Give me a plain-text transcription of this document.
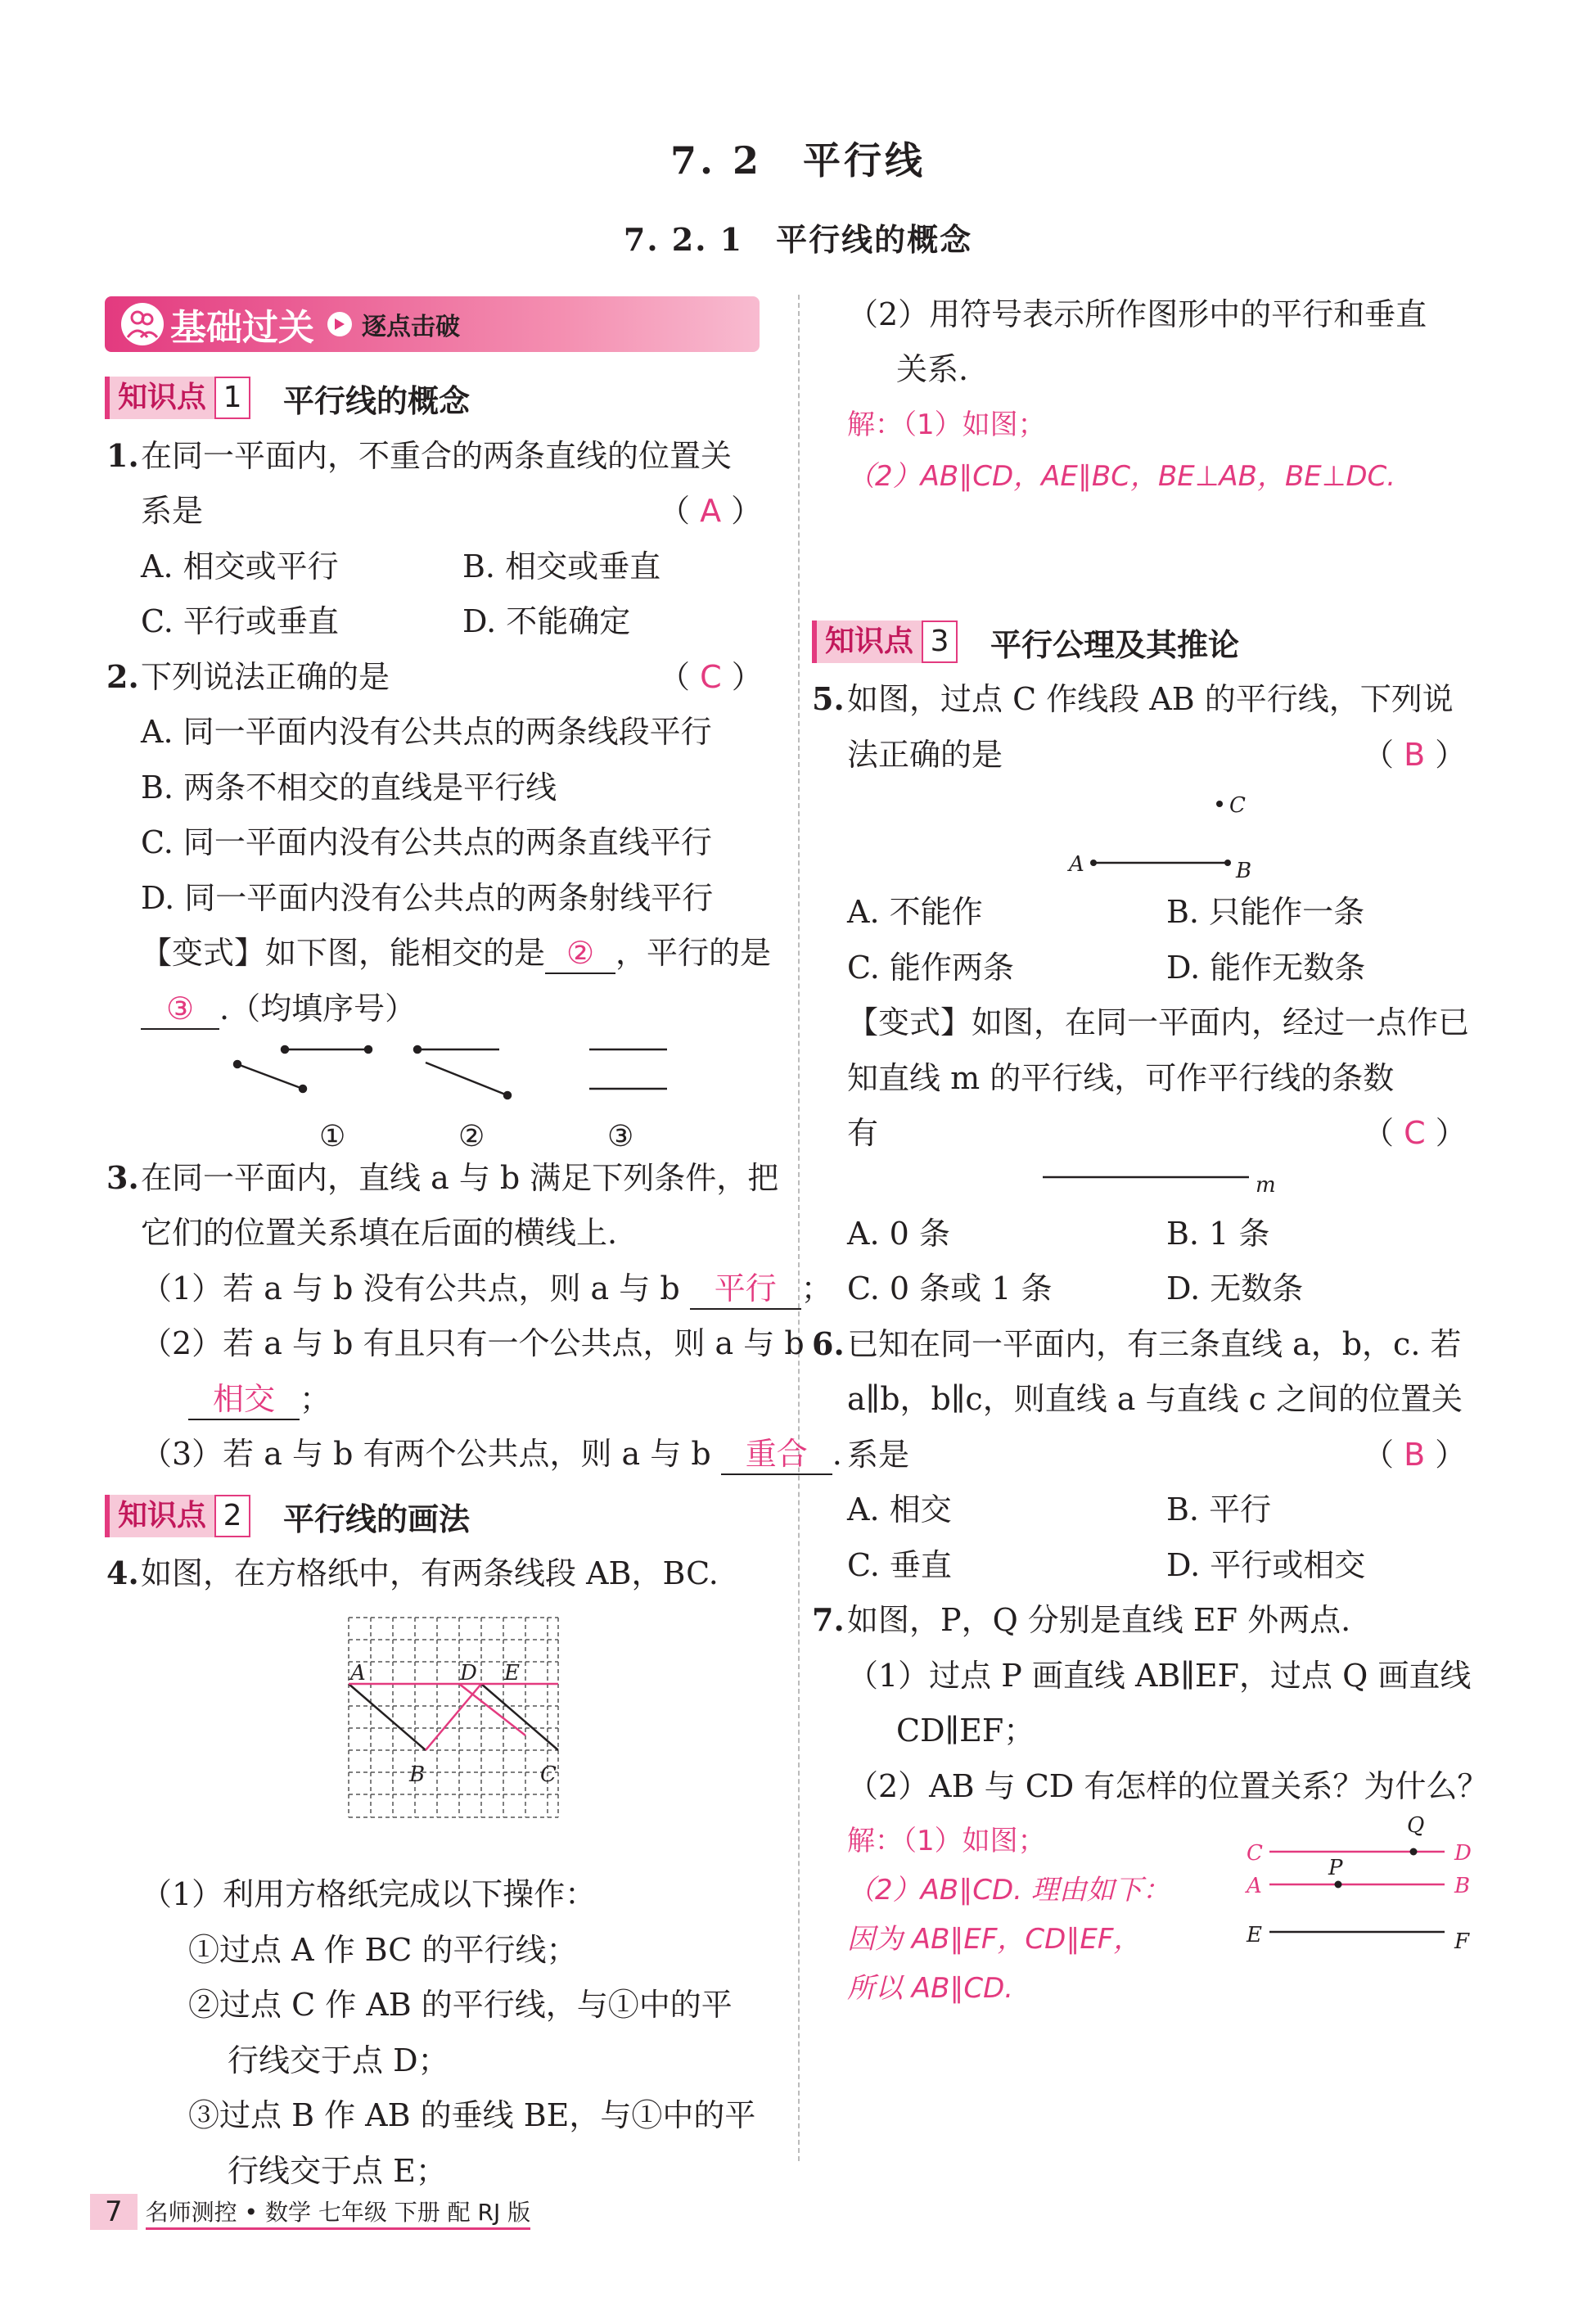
7. 2　平行线
7. 2. 1　平行线的概念
基础过关 逐点击破
知识点 1 平行线的概念
1. 在同一平面内，不重合的两条直线的位置关
系是	（ A ）
A. 相交或平行	B. 相交或垂直
C. 平行或垂直	D. 不能确定
2. 下列说法正确的是	（ C ）
A. 同一平面内没有公共点的两条线段平行
B. 两条不相交的直线是平行线
C. 同一平面内没有公共点的两条直线平行
D. 同一平面内没有公共点的两条射线平行
【变式】如下图，能相交的是 ② ，平行的是
③ .（均填序号）
①	②	③
3. 在同一平面内，直线 a 与 b 满足下列条件，把
它们的位置关系填在后面的横线上.
（1）若 a 与 b 没有公共点，则 a 与 b 平行 ；
（2）若 a 与 b 有且只有一个公共点，则 a 与 b
相交 ；
（3）若 a 与 b 有两个公共点，则 a 与 b 重合 .
知识点 2 平行线的画法
4. 如图，在方格纸中，有两条线段 AB，BC.
A	D E
B	C
（1）利用方格纸完成以下操作：
①过点 A 作 BC 的平行线；
②过点 C 作 AB 的平行线，与①中的平
行线交于点 D；
③过点 B 作 AB 的垂线 BE，与①中的平
行线交于点 E；
（2）用符号表示所作图形中的平行和垂直
关系.
解：（1）如图；
（2）AB∥CD，AE∥BC，BE⊥AB，BE⊥DC.
知识点 3 平行公理及其推论
5. 如图，过点 C 作线段 AB 的平行线，下列说
法正确的是	（ B ）
C
A	B
A. 不能作	B. 只能作一条
C. 能作两条	D. 能作无数条
【变式】如图，在同一平面内，经过一点作已
知直线 m 的平行线，可作平行线的条数
有	（ C ）
m
A. 0 条	B. 1 条
C. 0 条或 1 条	D. 无数条
6. 已知在同一平面内，有三条直线 a，b，c. 若
a∥b，b∥c，则直线 a 与直线 c 之间的位置关
系是	（ B ）
A. 相交	B. 平行
C. 垂直	D. 平行或相交
7. 如图，P，Q 分别是直线 EF 外两点.
（1）过点 P 画直线 AB∥EF，过点 Q 画直线
CD∥EF；
（2）AB 与 CD 有怎样的位置关系？为什么？
解：（1）如图；
（2）AB∥CD. 理由如下：
因为 AB∥EF，CD∥EF，
所以 AB∥CD.
Q
C	D
P
A	B
E	F
7	名师测控 • 数学 七年级 下册 配 RJ 版
